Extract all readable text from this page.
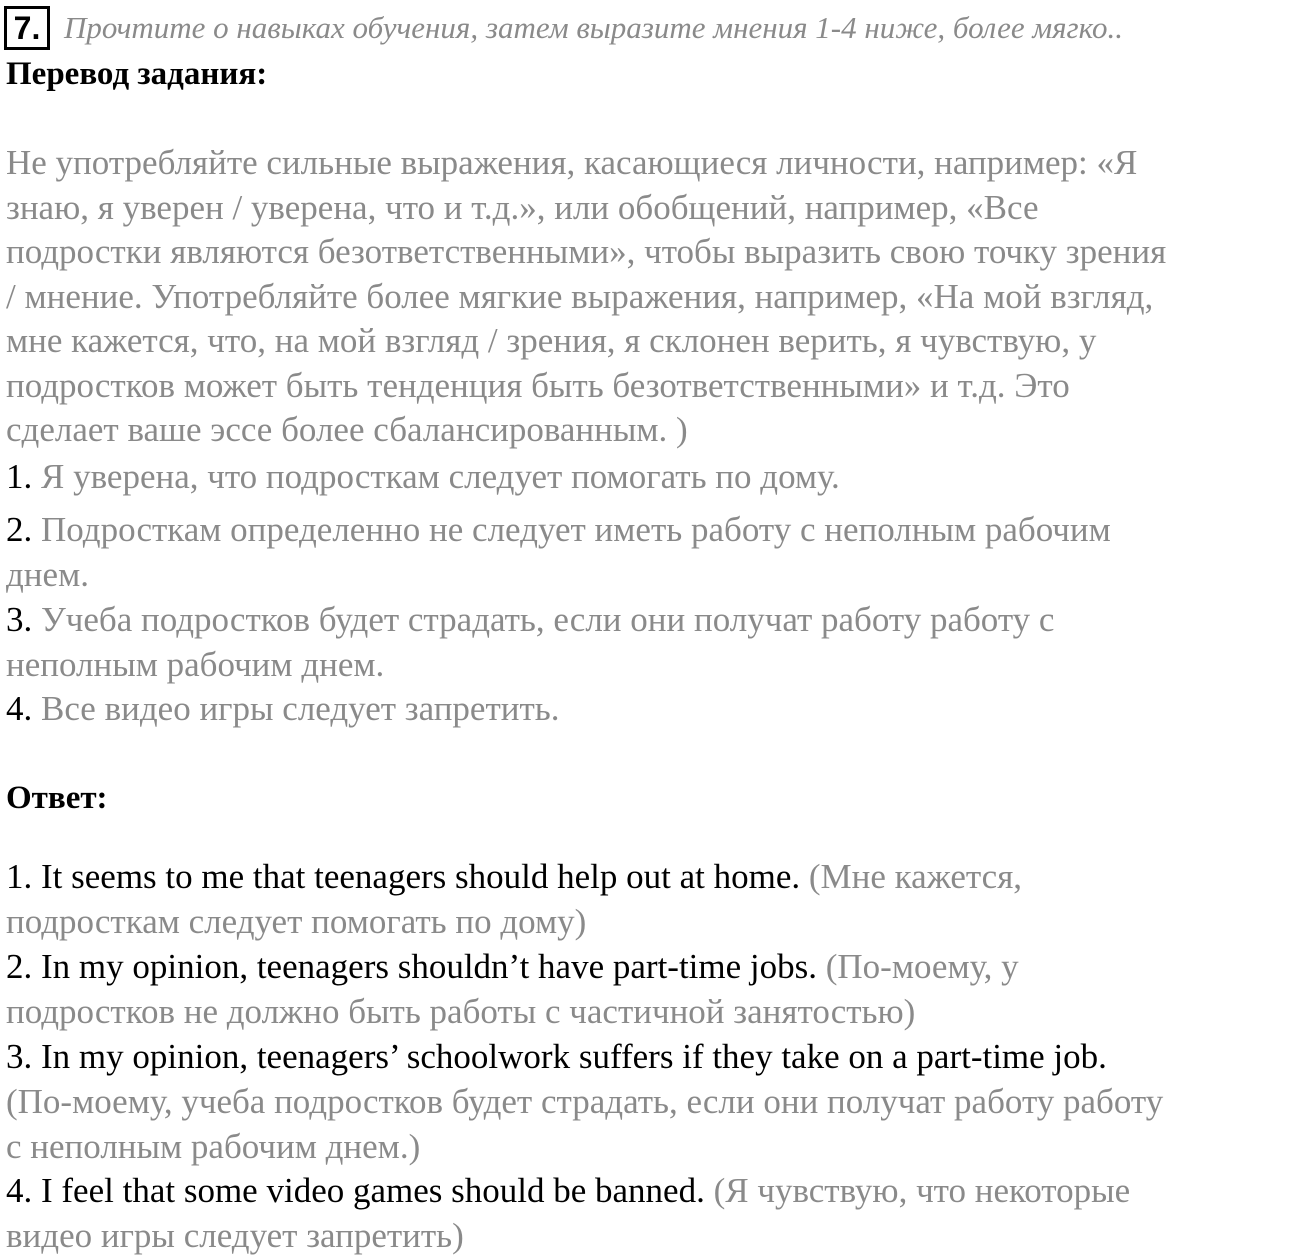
7. Прочтите о навыках обучения, затем выразите мнения 1-4 ниже, более мягко..
Перевод задания:
Не употребляйте сильные выражения, касающиеся личности, например: «Я
знаю, я уверен / уверена, что и т.д.», или обобщений, например, «Все
подростки являются безответственными», чтобы выразить свою точку зрения
/ мнение. Употребляйте более мягкие выражения, например, «На мой взгляд,
мне кажется, что, на мой взгляд / зрения, я склонен верить, я чувствую, у
подростков может быть тенденция быть безответственными» и т.д. Это
сделает ваше эссе более сбалансированным. )
1. Я уверена, что подросткам следует помогать по дому.
2. Подросткам определенно не следует иметь работу с неполным рабочим
днем.
3. Учеба подростков будет страдать, если они получат работу работу с
неполным рабочим днем.
4. Все видео игры следует запретить.
Ответ:
1. It seems to me that teenagers should help out at home. (Мне кажется,
подросткам следует помогать по дому)
2. In my opinion, teenagers shouldn’t have part-time jobs. (По-моему, у
подростков не должно быть работы с частичной занятостью)
3. In my opinion, teenagers’ schoolwork suffers if they take on a part-time job.
(По-моему, учеба подростков будет страдать, если они получат работу работу
с неполным рабочим днем.)
4. I feel that some video games should be banned. (Я чувствую, что некоторые
видео игры следует запретить)
